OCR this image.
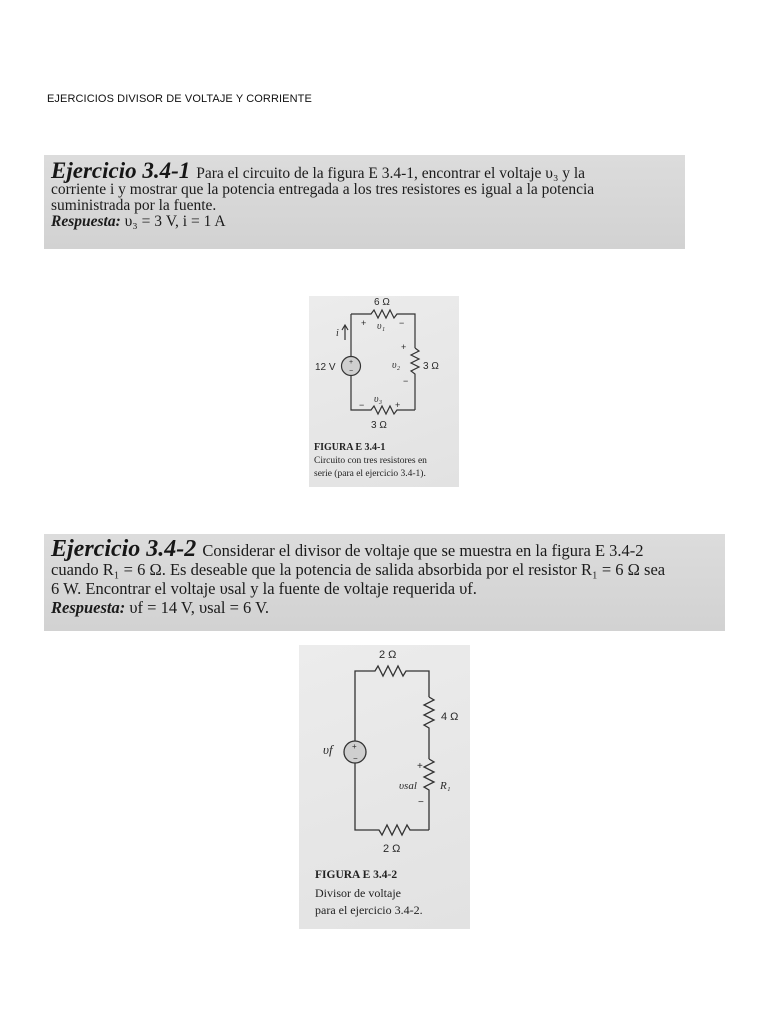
EJERCICIOS DIVISOR DE VOLTAJE Y CORRIENTE
Ejercicio 3.4-1 Para el circuito de la figura E 3.4-1, encontrar el voltaje υ₃ y la
corriente i y mostrar que la potencia entregada a los tres resistores es igual a la potencia
suministrada por la fuente.
Respuesta: υ₃ = 3 V, i = 1 A
+
−
6 Ω
3 Ω
3 Ω
12 V
i
+ υ₁ −
+
υ₂
−
− υ₃ +
FIGURA E 3.4-1
Circuito con tres resistores en
serie (para el ejercicio 3.4-1).
Ejercicio 3.4-2 Considerar el divisor de voltaje que se muestra en la figura E 3.4-2
cuando R₁ = 6 Ω. Es deseable que la potencia de salida absorbida por el resistor R₁ = 6 Ω sea
6 W. Encontrar el voltaje υsal y la fuente de voltaje requerida υf.
Respuesta: υf = 14 V, υsal = 6 V.
+
−
2 Ω
4 Ω
2 Ω
R₁
υf
+
υsal
−
FIGURA E 3.4-2
Divisor de voltaje
para el ejercicio 3.4-2.
